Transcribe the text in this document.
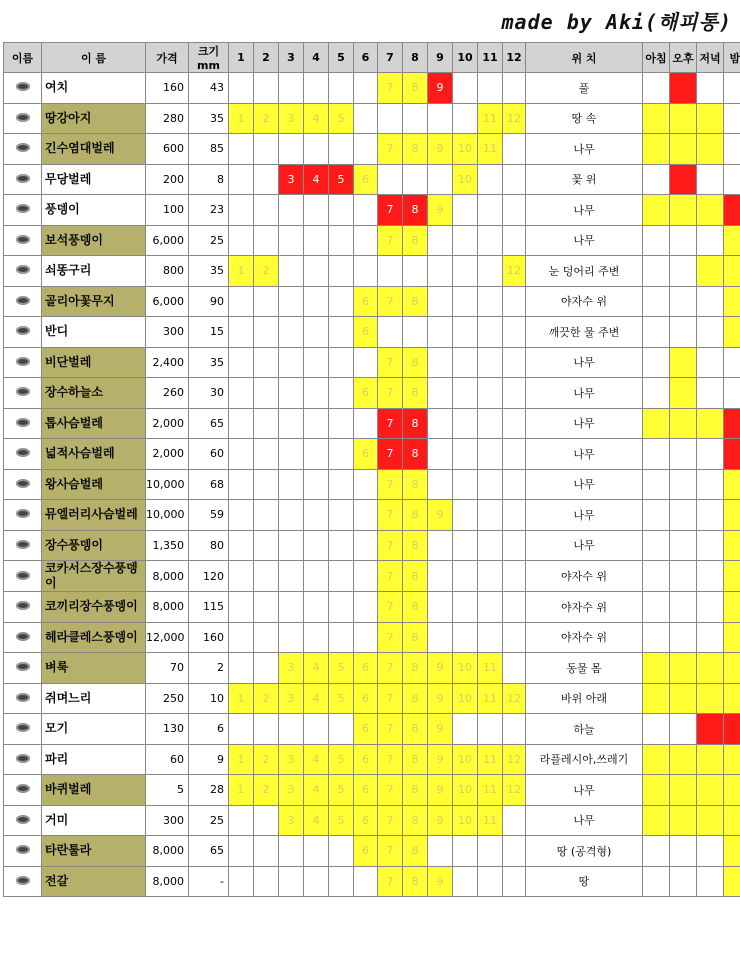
made by Aki(해피통)
이름	이 름	가격	크기mm	1	2	3	4	5	6	7	8	9	10	11	12	위 치	아침	오후	저녁	밤
	여치	160	43							7	8	9				풀				
	땅강아지	280	35	1	2	3	4	5						11	12	땅 속				
	긴수염대벌레	600	85							7	8	9	10	11		나무				
	무당벌레	200	8			3	4	5	6				10			꽃 위				
	풍뎅이	100	23							7	8	9				나무				
	보석풍뎅이	6,000	25							7	8					나무				
	쇠똥구리	800	35	1	2										12	눈 덩어리 주변				
	골리아꽃무지	6,000	90						6	7	8					야자수 위				
	반디	300	15						6							깨끗한 물 주변				
	비단벌레	2,400	35							7	8					나무				
	장수하늘소	260	30						6	7	8					나무				
	톱사슴벌레	2,000	65							7	8					나무				
	넓적사슴벌레	2,000	60						6	7	8					나무				
	왕사슴벌레	10,000	68							7	8					나무				
	뮤엘러리사슴벌레	10,000	59							7	8	9				나무				
	장수풍뎅이	1,350	80							7	8					나무				
	코카서스장수풍뎅이	8,000	120							7	8					야자수 위				
	코끼리장수풍뎅이	8,000	115							7	8					야자수 위				
	헤라클레스풍뎅이	12,000	160							7	8					야자수 위				
	벼룩	70	2			3	4	5	6	7	8	9	10	11		동물 몸				
	쥐며느리	250	10	1	2	3	4	5	6	7	8	9	10	11	12	바위 아래				
	모기	130	6						6	7	8	9				하늘				
	파리	60	9	1	2	3	4	5	6	7	8	9	10	11	12	라플레시아,쓰레기				
	바퀴벌레	5	28	1	2	3	4	5	6	7	8	9	10	11	12	나무				
	거미	300	25			3	4	5	6	7	8	9	10	11		나무				
	타란툴라	8,000	65						6	7	8					땅 (공격형)				
	전갈	8,000	-							7	8	9				땅				
